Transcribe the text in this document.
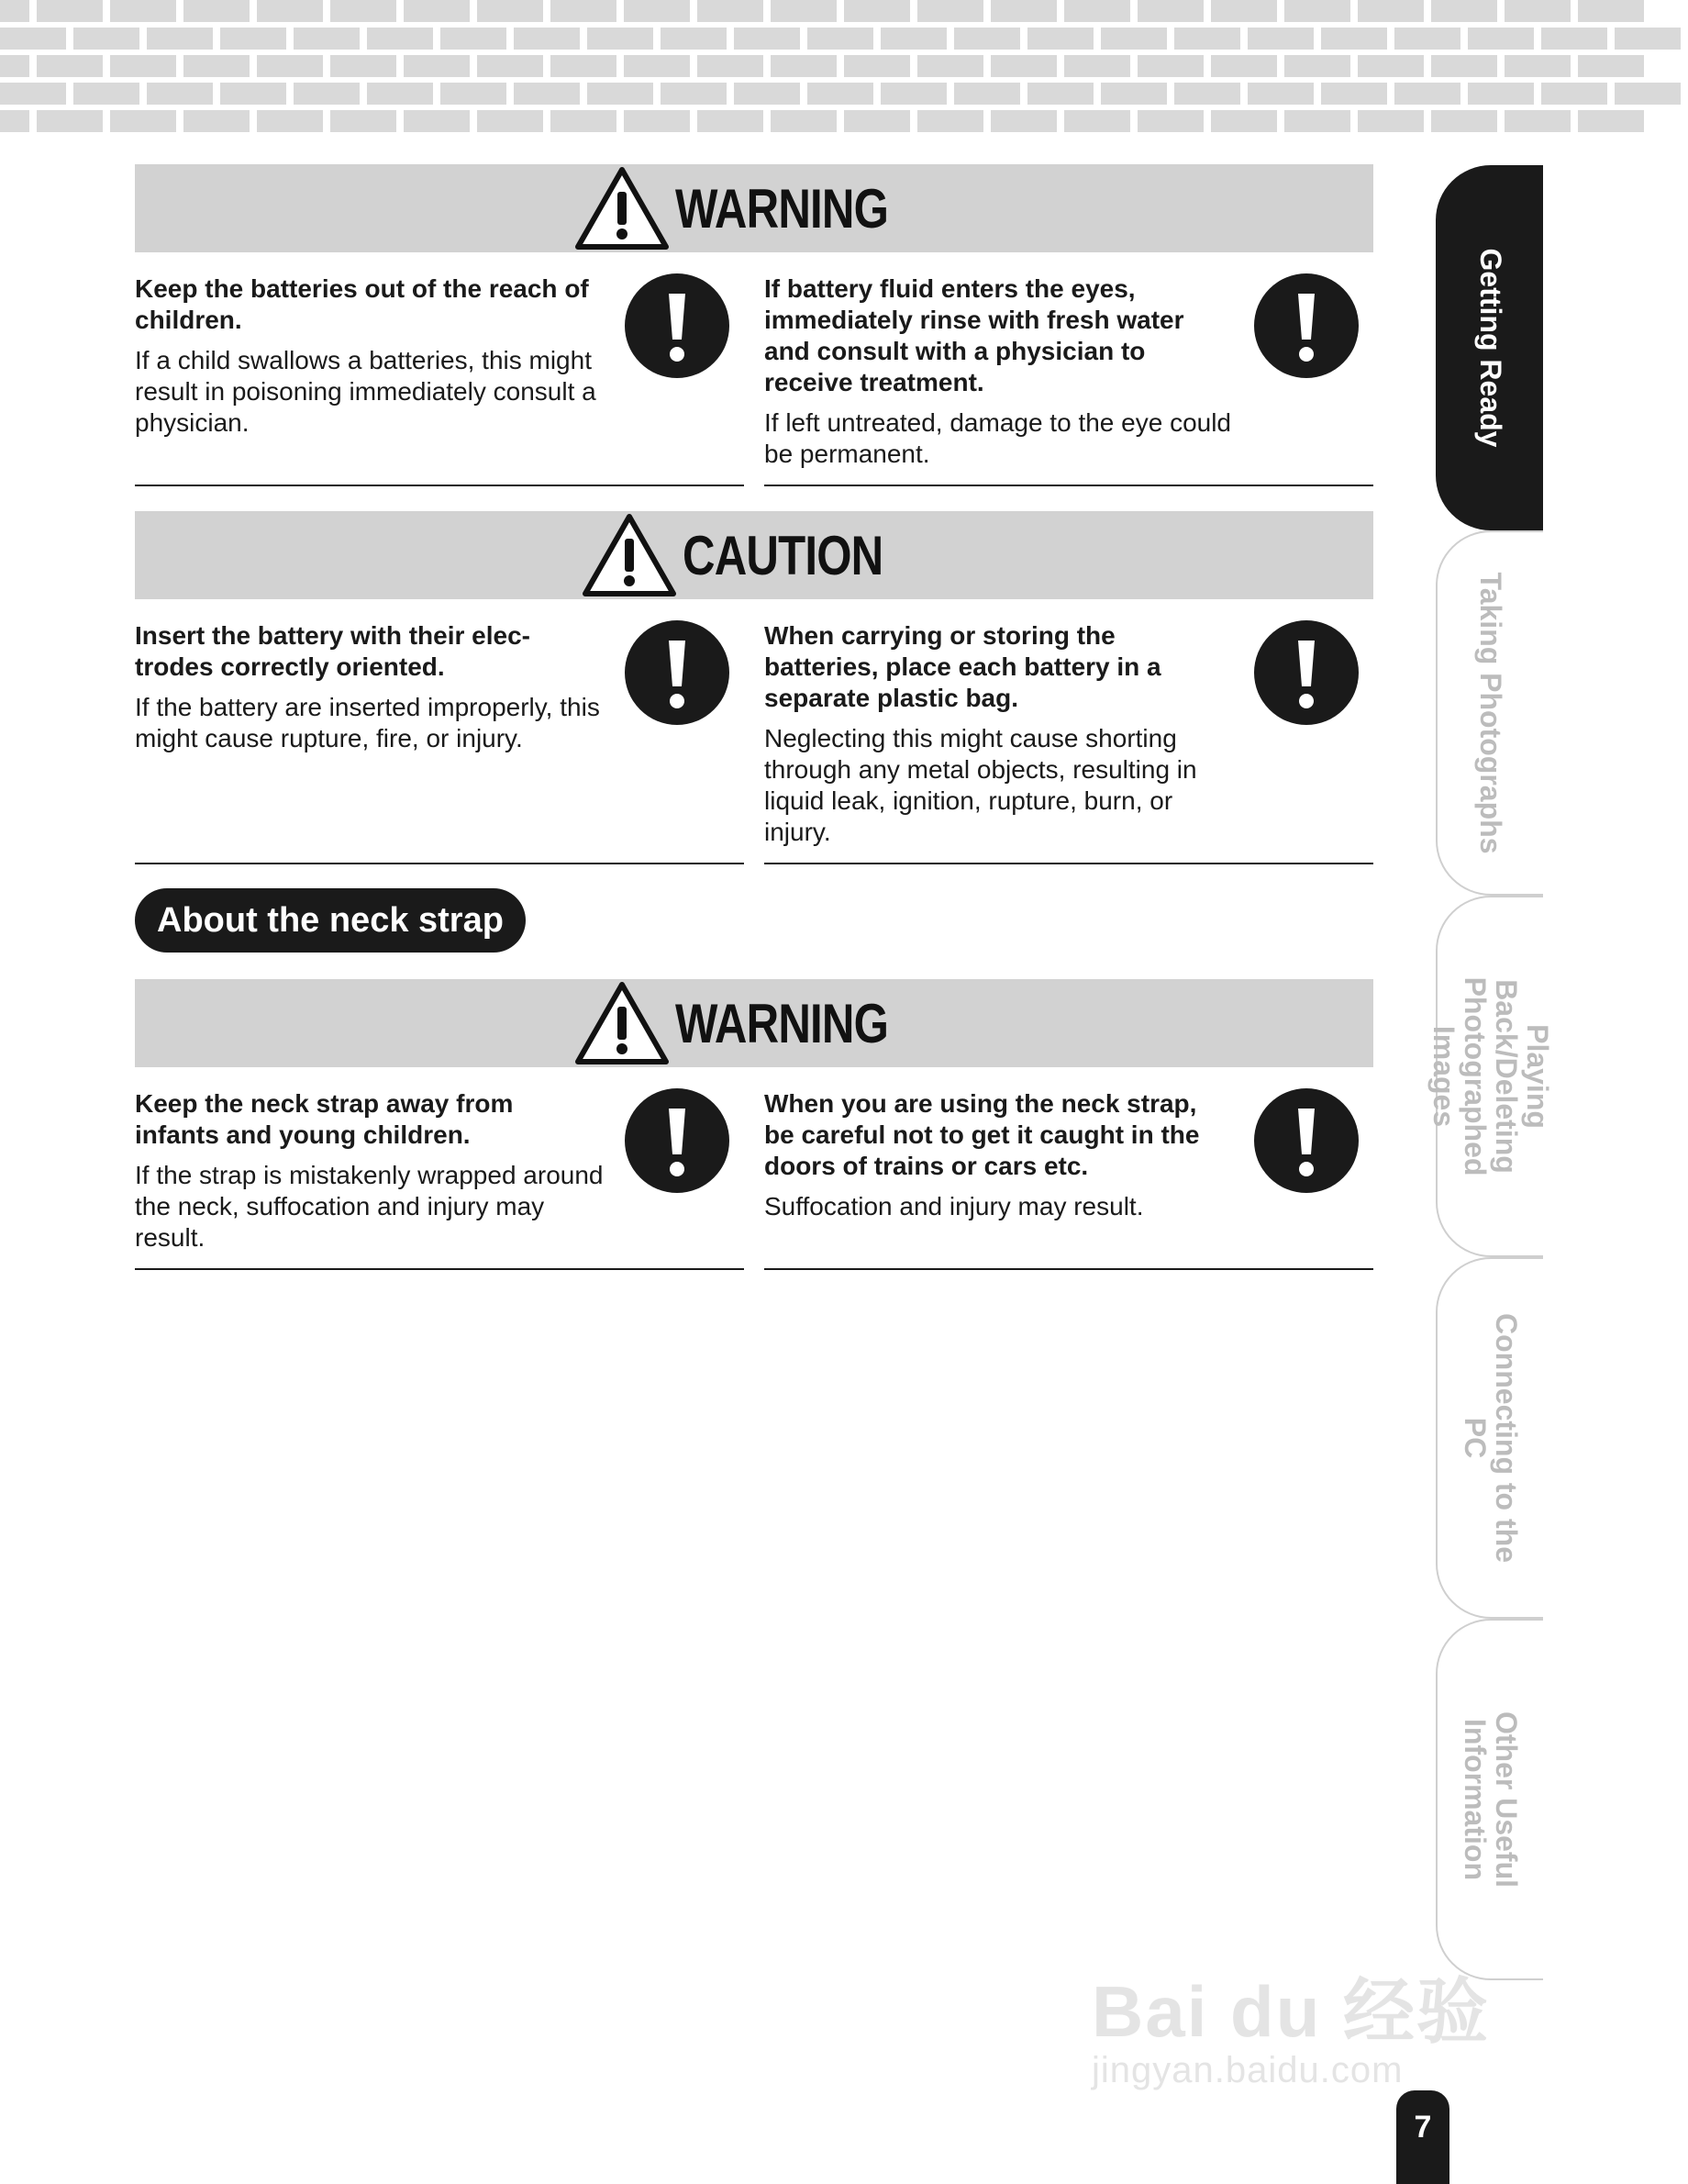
WARNING

Keep the batteries out of the reach of children.

If a child swallows a batteries, this might result in poisoning immediately consult a physician.

If battery fluid enters the eyes, immediately rinse with fresh water and consult with a physician to receive treatment.

If left untreated, damage to the eye could be permanent.

CAUTION

Insert the battery with their elec- trodes correctly oriented.

If the battery are inserted improperly, this might cause rupture, fire, or injury.

When carrying or storing the batteries, place each battery in a separate plastic bag.

Neglecting this might cause shorting through any metal objects, resulting in liquid leak, ignition, rupture, burn, or injury.

About the neck strap
WARNING

Keep the neck strap away from infants and young children.

If the strap is mistakenly wrapped around the neck, suffocation and injury may result.

When you are using the neck strap, be careful not to get it caught in the doors of trains or cars etc.

Suffocation and injury may result.

Getting Ready
Taking Photographs
Playing Back/Deleting Photographed Images
Connecting to the PC
Other Useful Information
Bai du 经验
jingyan.baidu.com
7
